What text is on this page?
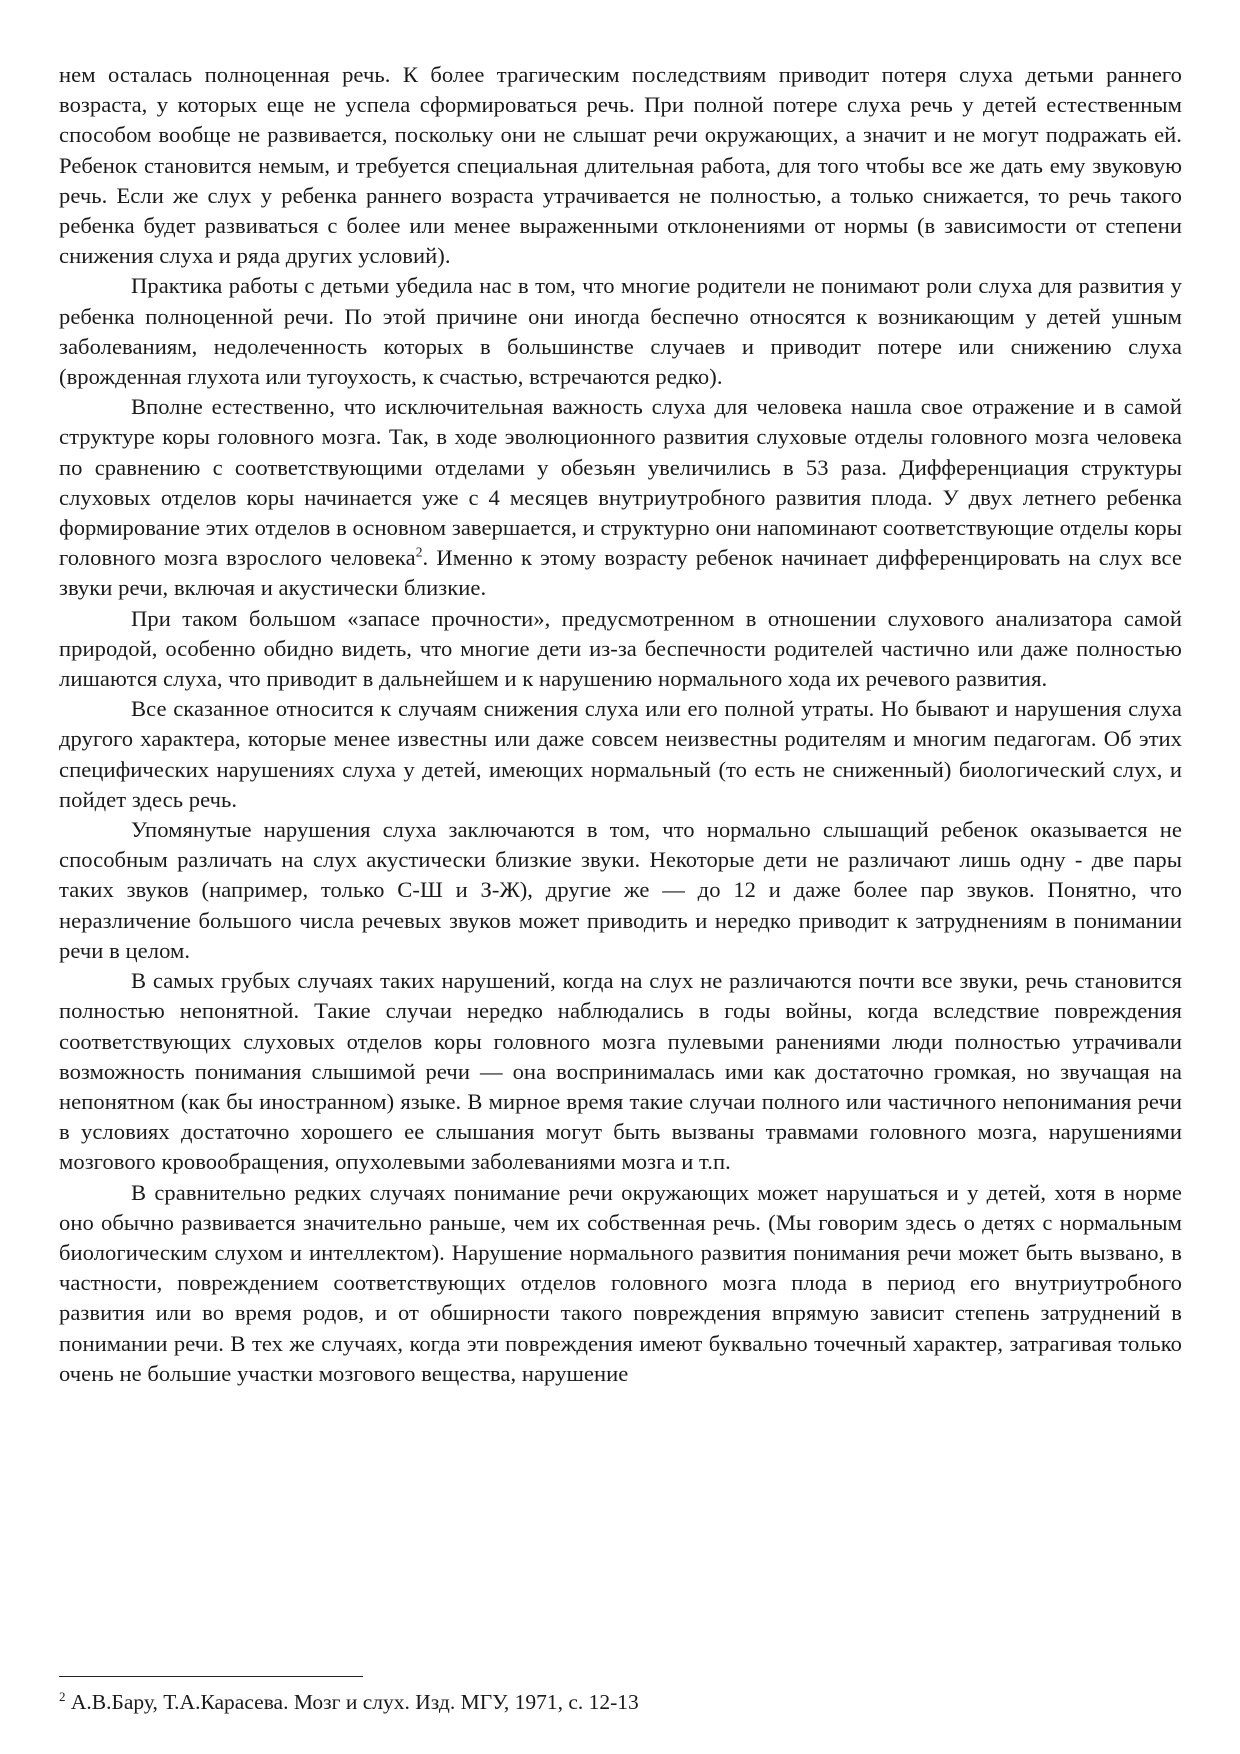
нем осталась полноценная речь. К более трагическим последствиям приводит потеря слуха детьми раннего возраста, у которых еще не успела сформироваться речь. При полной потере слуха речь у детей естественным способом вообще не развивается, поскольку они не слышат речи окружающих, а значит и не могут подражать ей. Ребенок становится немым, и требуется специальная длительная работа, для того чтобы все же дать ему звуковую речь. Если же слух у ребенка раннего возраста утрачивается не полностью, а только снижается, то речь такого ребенка будет развиваться с более или менее выраженными отклонениями от нормы (в зависимости от степени снижения слуха и ряда других условий).

Практика работы с детьми убедила нас в том, что многие родители не понимают роли слуха для развития у ребенка полноценной речи. По этой причине они иногда беспечно относятся к возникающим у детей ушным заболеваниям, недолеченность которых в большинстве случаев и приводит потере или снижению слуха (врожденная глухота или тугоухость, к счастью, встречаются редко).

Вполне естественно, что исключительная важность слуха для человека нашла свое отражение и в самой структуре коры головного мозга. Так, в ходе эволюционного развития слуховые отделы головного мозга человека по сравнению с соответствующими отделами у обезьян увеличились в 53 раза. Дифференциация структуры слуховых отделов коры начинается уже с 4 месяцев внутриутробного развития плода. У двух летнего ребенка формирование этих отделов в основном завершается, и структурно они напоминают соответствующие отделы коры головного мозга взрослого человека$^2$. Именно к этому возрасту ребенок начинает дифференцировать на слух все звуки речи, включая и акустически близкие.

При таком большом «запасе прочности», предусмотренном в отношении слухового анализатора самой природой, особенно обидно видеть, что многие дети из-за беспечности родителей частично или даже полностью лишаются слуха, что приводит в дальнейшем и к нарушению нормального хода их речевого развития.

Все сказанное относится к случаям снижения слуха или его полной утраты. Но бывают и нарушения слуха другого характера, которые менее известны или даже совсем неизвестны родителям и многим педагогам. Об этих специфических нарушениях слуха у детей, имеющих нормальный (то есть не сниженный) биологический слух, и пойдет здесь речь.

Упомянутые нарушения слуха заключаются в том, что нормально слышащий ребенок оказывается не способным различать на слух акустически близкие звуки. Некоторые дети не различают лишь одну - две пары таких звуков (например, только С-Ш и З-Ж), другие же — до 12 и даже более пар звуков. Понятно, что неразличение большого числа речевых звуков может приводить и нередко приводит к затруднениям в понимании речи в целом.

В самых грубых случаях таких нарушений, когда на слух не различаются почти все звуки, речь становится полностью непонятной. Такие случаи нередко наблюдались в годы войны, когда вследствие повреждения соответствующих слуховых отделов коры головного мозга пулевыми ранениями люди полностью утрачивали возможность понимания слышимой речи — она воспринималась ими как достаточно громкая, но звучащая на непонятном (как бы иностранном) языке. В мирное время такие случаи полного или частичного непонимания речи в условиях достаточно хорошего ее слышания могут быть вызваны травмами головного мозга, нарушениями мозгового кровообращения, опухолевыми заболеваниями мозга и т.п.

В сравнительно редких случаях понимание речи окружающих может нарушаться и у детей, хотя в норме оно обычно развивается значительно раньше, чем их собственная речь. (Мы говорим здесь о детях с нормальным биологическим слухом и интеллектом). Нарушение нормального развития понимания речи может быть вызвано, в частности, повреждением соответствующих отделов головного мозга плода в период его внутриутробного развития или во время родов, и от обширности такого повреждения впрямую зависит степень затруднений в понимании речи. В тех же случаях, когда эти повреждения имеют буквально точечный характер, затрагивая только очень не большие участки мозгового вещества, нарушение

$^2$ А.В.Бару, Т.А.Карасева. Мозг и слух. Изд. МГУ, 1971, с. 12-13
